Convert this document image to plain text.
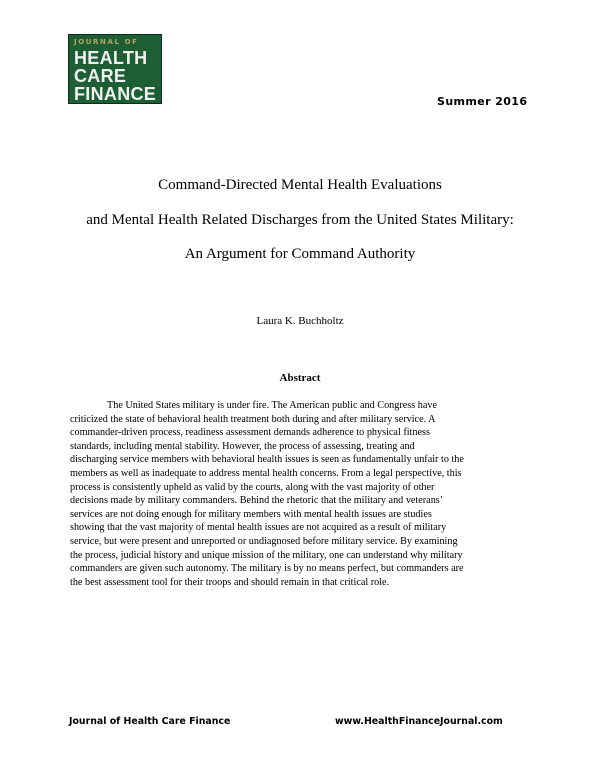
JOURNAL OF
HEALTH
CARE
FINANCE	Summer 2016
Command-Directed Mental Health Evaluations
and Mental Health Related Discharges from the United States Military:
An Argument for Command Authority
Laura K. Buchholtz
Abstract
The United States military is under fire. The American public and Congress have
criticized the state of behavioral health treatment both during and after military service. A
commander-driven process, readiness assessment demands adherence to physical fitness
standards, including mental stability. However, the process of assessing, treating and
discharging service members with behavioral health issues is seen as fundamentally unfair to the
members as well as inadequate to address mental health concerns. From a legal perspective, this
process is consistently upheld as valid by the courts, along with the vast majority of other
decisions made by military commanders. Behind the rhetoric that the military and veterans’
services are not doing enough for military members with mental health issues are studies
showing that the vast majority of mental health issues are not acquired as a result of military
service, but were present and unreported or undiagnosed before military service. By examining
the process, judicial history and unique mission of the military, one can understand why military
commanders are given such autonomy. The military is by no means perfect, but commanders are
the best assessment tool for their troops and should remain in that critical role.
Journal of Health Care Finance	www.HealthFinanceJournal.com
